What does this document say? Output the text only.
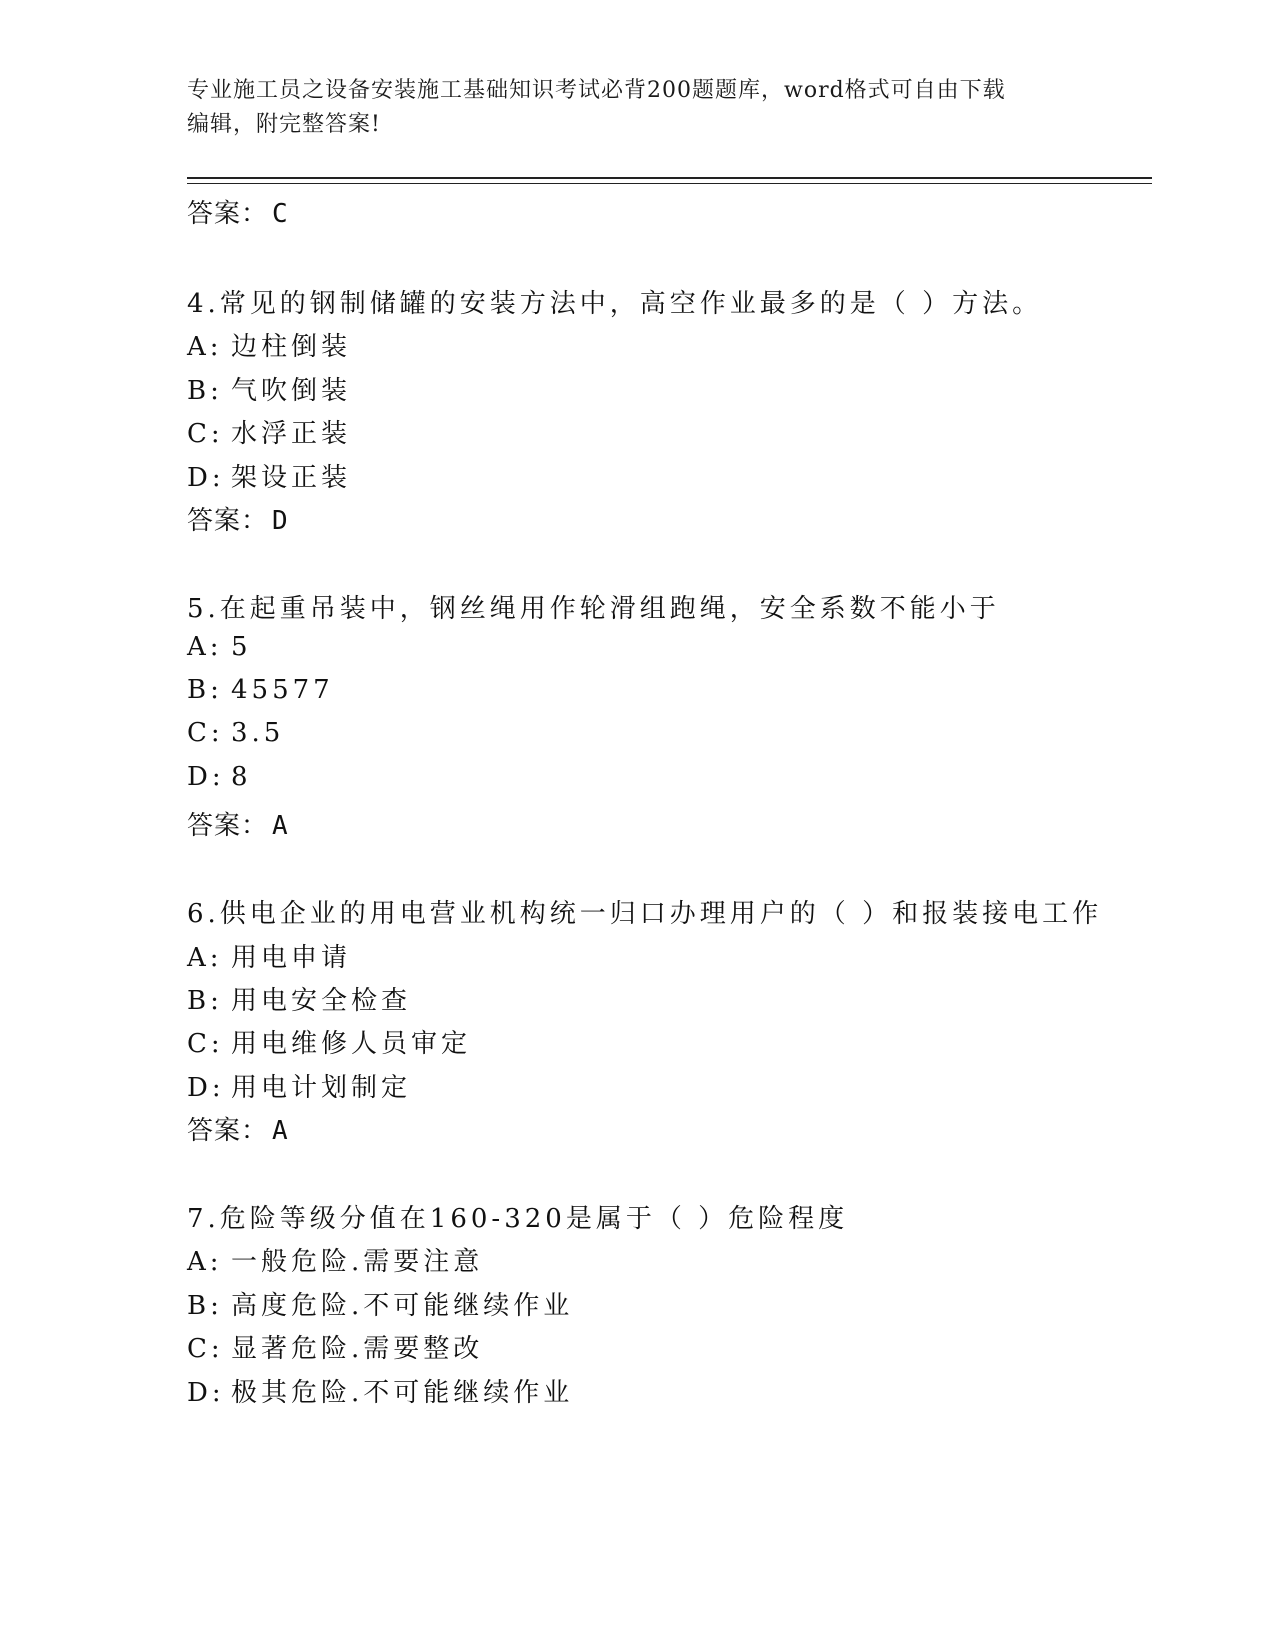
专业施工员之设备安装施工基础知识考试必背200题题库，word格式可自由下载
编辑，附完整答案!
答案： C
4.常见的钢制储罐的安装方法中，高空作业最多的是（ ）方法。
A: 边柱倒装
B: 气吹倒装
C: 水浮正装
D: 架设正装
答案： D
5.在起重吊装中，钢丝绳用作轮滑组跑绳，安全系数不能小于
A: 5
B: 45577
C: 3.5
D: 8
答案： A
6.供电企业的用电营业机构统一归口办理用户的（ ）和报装接电工作
A: 用电申请
B: 用电安全检查
C: 用电维修人员审定
D: 用电计划制定
答案： A
7.危险等级分值在160-320是属于（ ）危险程度
A: 一般危险.需要注意
B: 高度危险.不可能继续作业
C: 显著危险.需要整改
D: 极其危险.不可能继续作业
